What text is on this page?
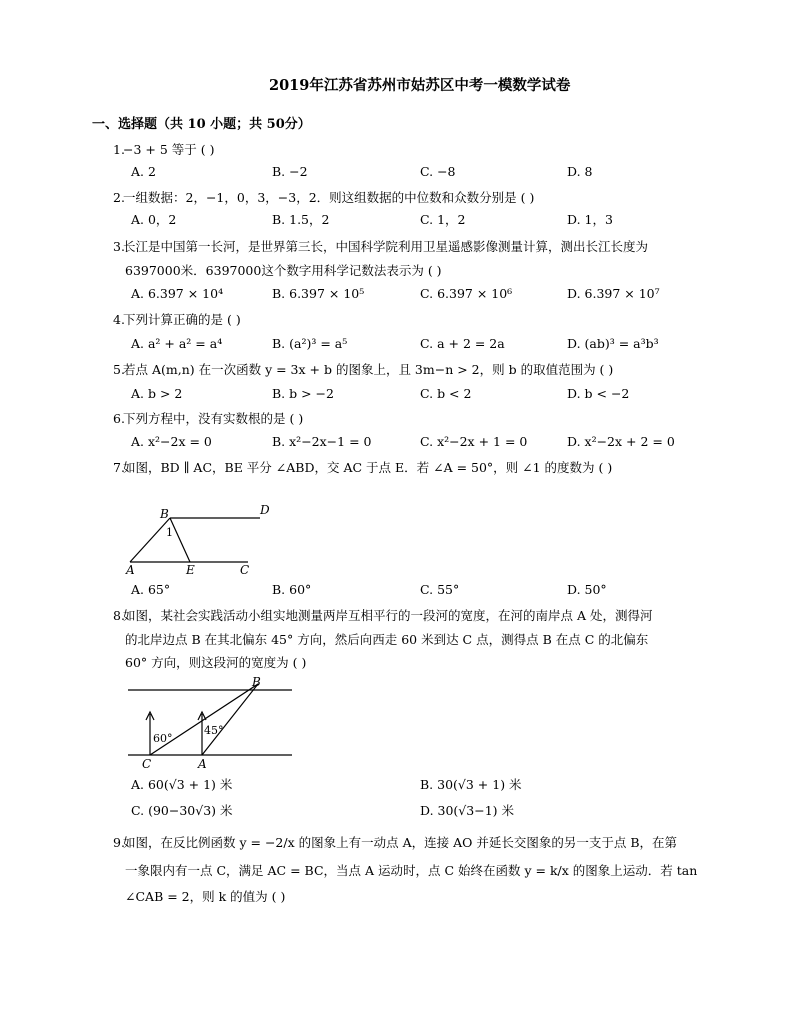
2019年江苏省苏州市姑苏区中考一模数学试卷
一、选择题（共 10 小题；共 50分）
1.
−3 + 5 等于 ( )
A. 2	B. −2	C. −8	D. 8
2.
一组数据：2，−1，0，3，−3，2．则这组数据的中位数和众数分别是 ( )
A. 0，2	B. 1.5，2	C. 1，2	D. 1，3
3.
长江是中国第一长河，是世界第三长，中国科学院利用卫星遥感影像测量计算，测出长江长度为
6397000米．6397000这个数字用科学记数法表示为 ( )
A. 6.397 × 10⁴	B. 6.397 × 10⁵	C. 6.397 × 10⁶	D. 6.397 × 10⁷
4.
下列计算正确的是 ( )
A. a² + a² = a⁴	B. (a²)³ = a⁵	C. a + 2 = 2a	D. (ab)³ = a³b³
5.
若点 A(m,n) 在一次函数 y = 3x + b 的图象上，且 3m−n > 2，则 b 的取值范围为 ( )
A. b > 2	B. b > −2	C. b < 2	D. b < −2
6.
下列方程中，没有实数根的是 ( )
A. x²−2x = 0	B. x²−2x−1 = 0	C. x²−2x + 1 = 0	D. x²−2x + 2 = 0
7.
如图，BD ∥ AC，BE 平分 ∠ABD，交 AC 于点 E．若 ∠A = 50°，则 ∠1 的度数为 ( )
B	D
A	E	C
1
A. 65°	B. 60°	C. 55°	D. 50°
8.
如图，某社会实践活动小组实地测量两岸互相平行的一段河的宽度，在河的南岸点 A 处，测得河
的北岸边点 B 在其北偏东 45° 方向，然后向西走 60 米到达 C 点，测得点 B 在点 C 的北偏东
60° 方向，则这段河的宽度为 ( )
B
C	A
60°
45°
A. 60(√3 + 1) 米	B. 30(√3 + 1) 米
C. (90−30√3) 米	D. 30(√3−1) 米
9.
如图，在反比例函数 y = −2/x 的图象上有一动点 A，连接 AO 并延长交图象的另一支于点 B，在第
一象限内有一点 C，满足 AC = BC，当点 A 运动时，点 C 始终在函数 y = k/x 的图象上运动．若 tan
∠CAB = 2，则 k 的值为 ( )
